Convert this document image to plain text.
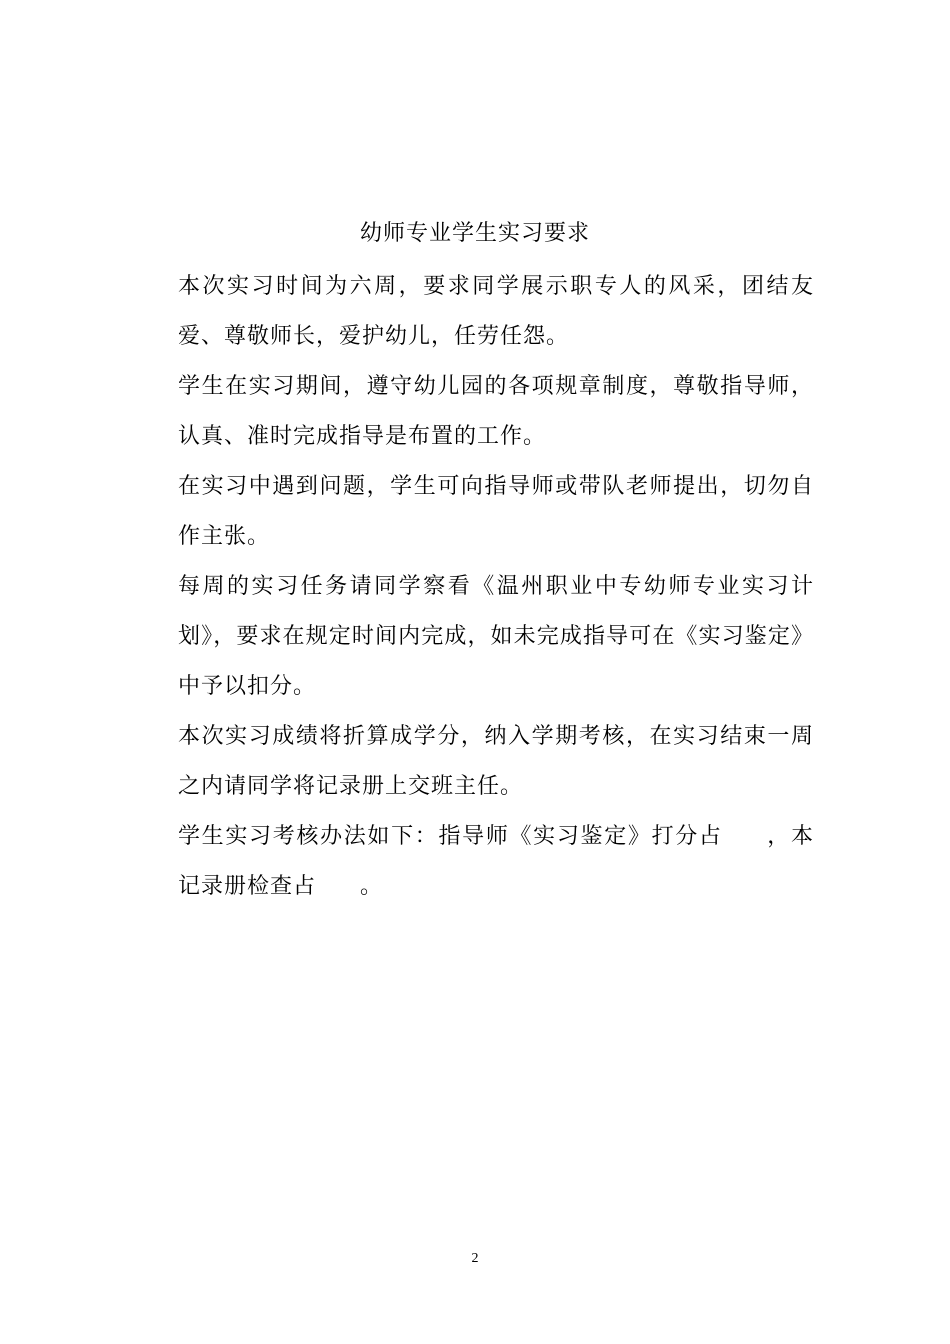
幼师专业学生实习要求

本次实习时间为六周，要求同学展示职专人的风采，团结友爱、尊敬师长，爱护幼儿，任劳任怨。

学生在实习期间，遵守幼儿园的各项规章制度，尊敬指导师，认真、准时完成指导是布置的工作。

在实习中遇到问题，学生可向指导师或带队老师提出，切勿自作主张。

每周的实习任务请同学察看《温州职业中专幼师专业实习计划》，要求在规定时间内完成，如未完成指导可在《实习鉴定》中予以扣分。

本次实习成绩将折算成学分，纳入学期考核，在实习结束一周之内请同学将记录册上交班主任。

学生实习考核办法如下：指导师《实习鉴定》打分占 ，本记录册检查占 。

2
